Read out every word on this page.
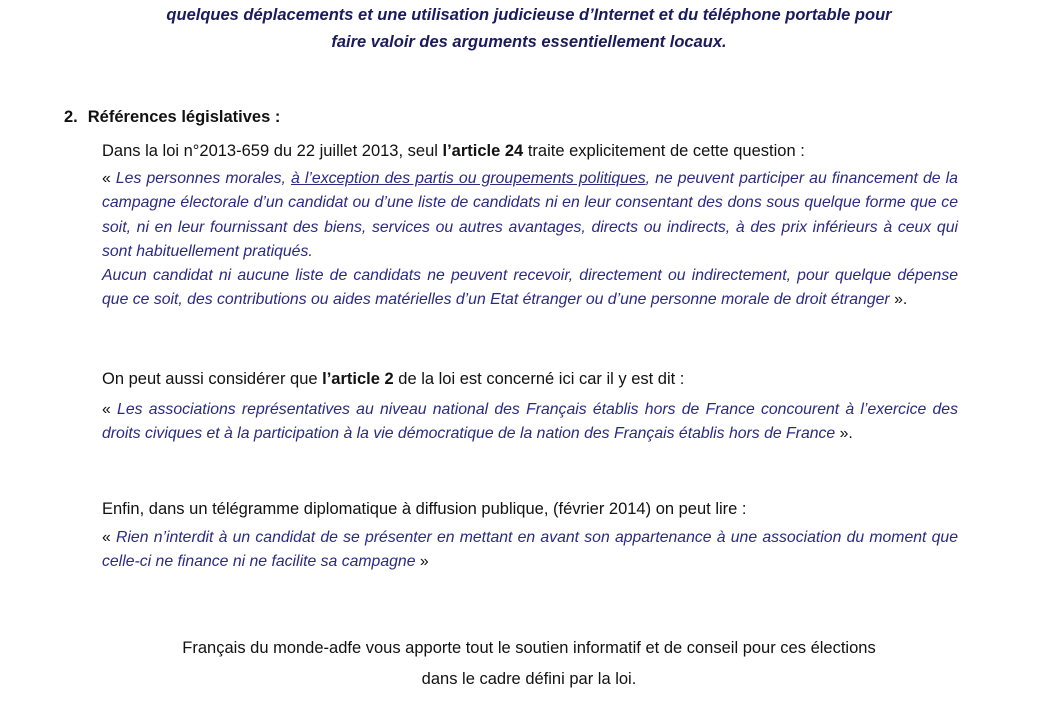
quelques déplacements et une utilisation judicieuse d’Internet et du téléphone portable pour
faire valoir des arguments essentiellement locaux.
2. Références législatives :
Dans la loi n°2013-659 du 22 juillet 2013, seul l’article 24 traite explicitement de cette question :
« Les personnes morales, à l’exception des partis ou groupements politiques, ne peuvent participer au financement de la campagne électorale d’un candidat ou d’une liste de candidats ni en leur consentant des dons sous quelque forme que ce soit, ni en leur fournissant des biens, services ou autres avantages, directs ou indirects, à des prix inférieurs à ceux qui sont habituellement pratiqués.
Aucun candidat ni aucune liste de candidats ne peuvent recevoir, directement ou indirectement, pour quelque dépense que ce soit, des contributions ou aides matérielles d’un Etat étranger ou d’une personne morale de droit étranger ».
On peut aussi considérer que l’article 2 de la loi est concerné ici car il y est dit :
« Les associations représentatives au niveau national des Français établis hors de France concourent à l’exercice des droits civiques et à la participation à la vie démocratique de la nation des Français établis hors de France ».
Enfin, dans un télégramme diplomatique à diffusion publique, (février 2014) on peut lire :
« Rien n’interdit à un candidat de se présenter en mettant en avant son appartenance à une association du moment que celle-ci ne finance ni ne facilite sa campagne »
Français du monde-adfe vous apporte tout le soutien informatif et de conseil pour ces élections
dans le cadre défini par la loi.
